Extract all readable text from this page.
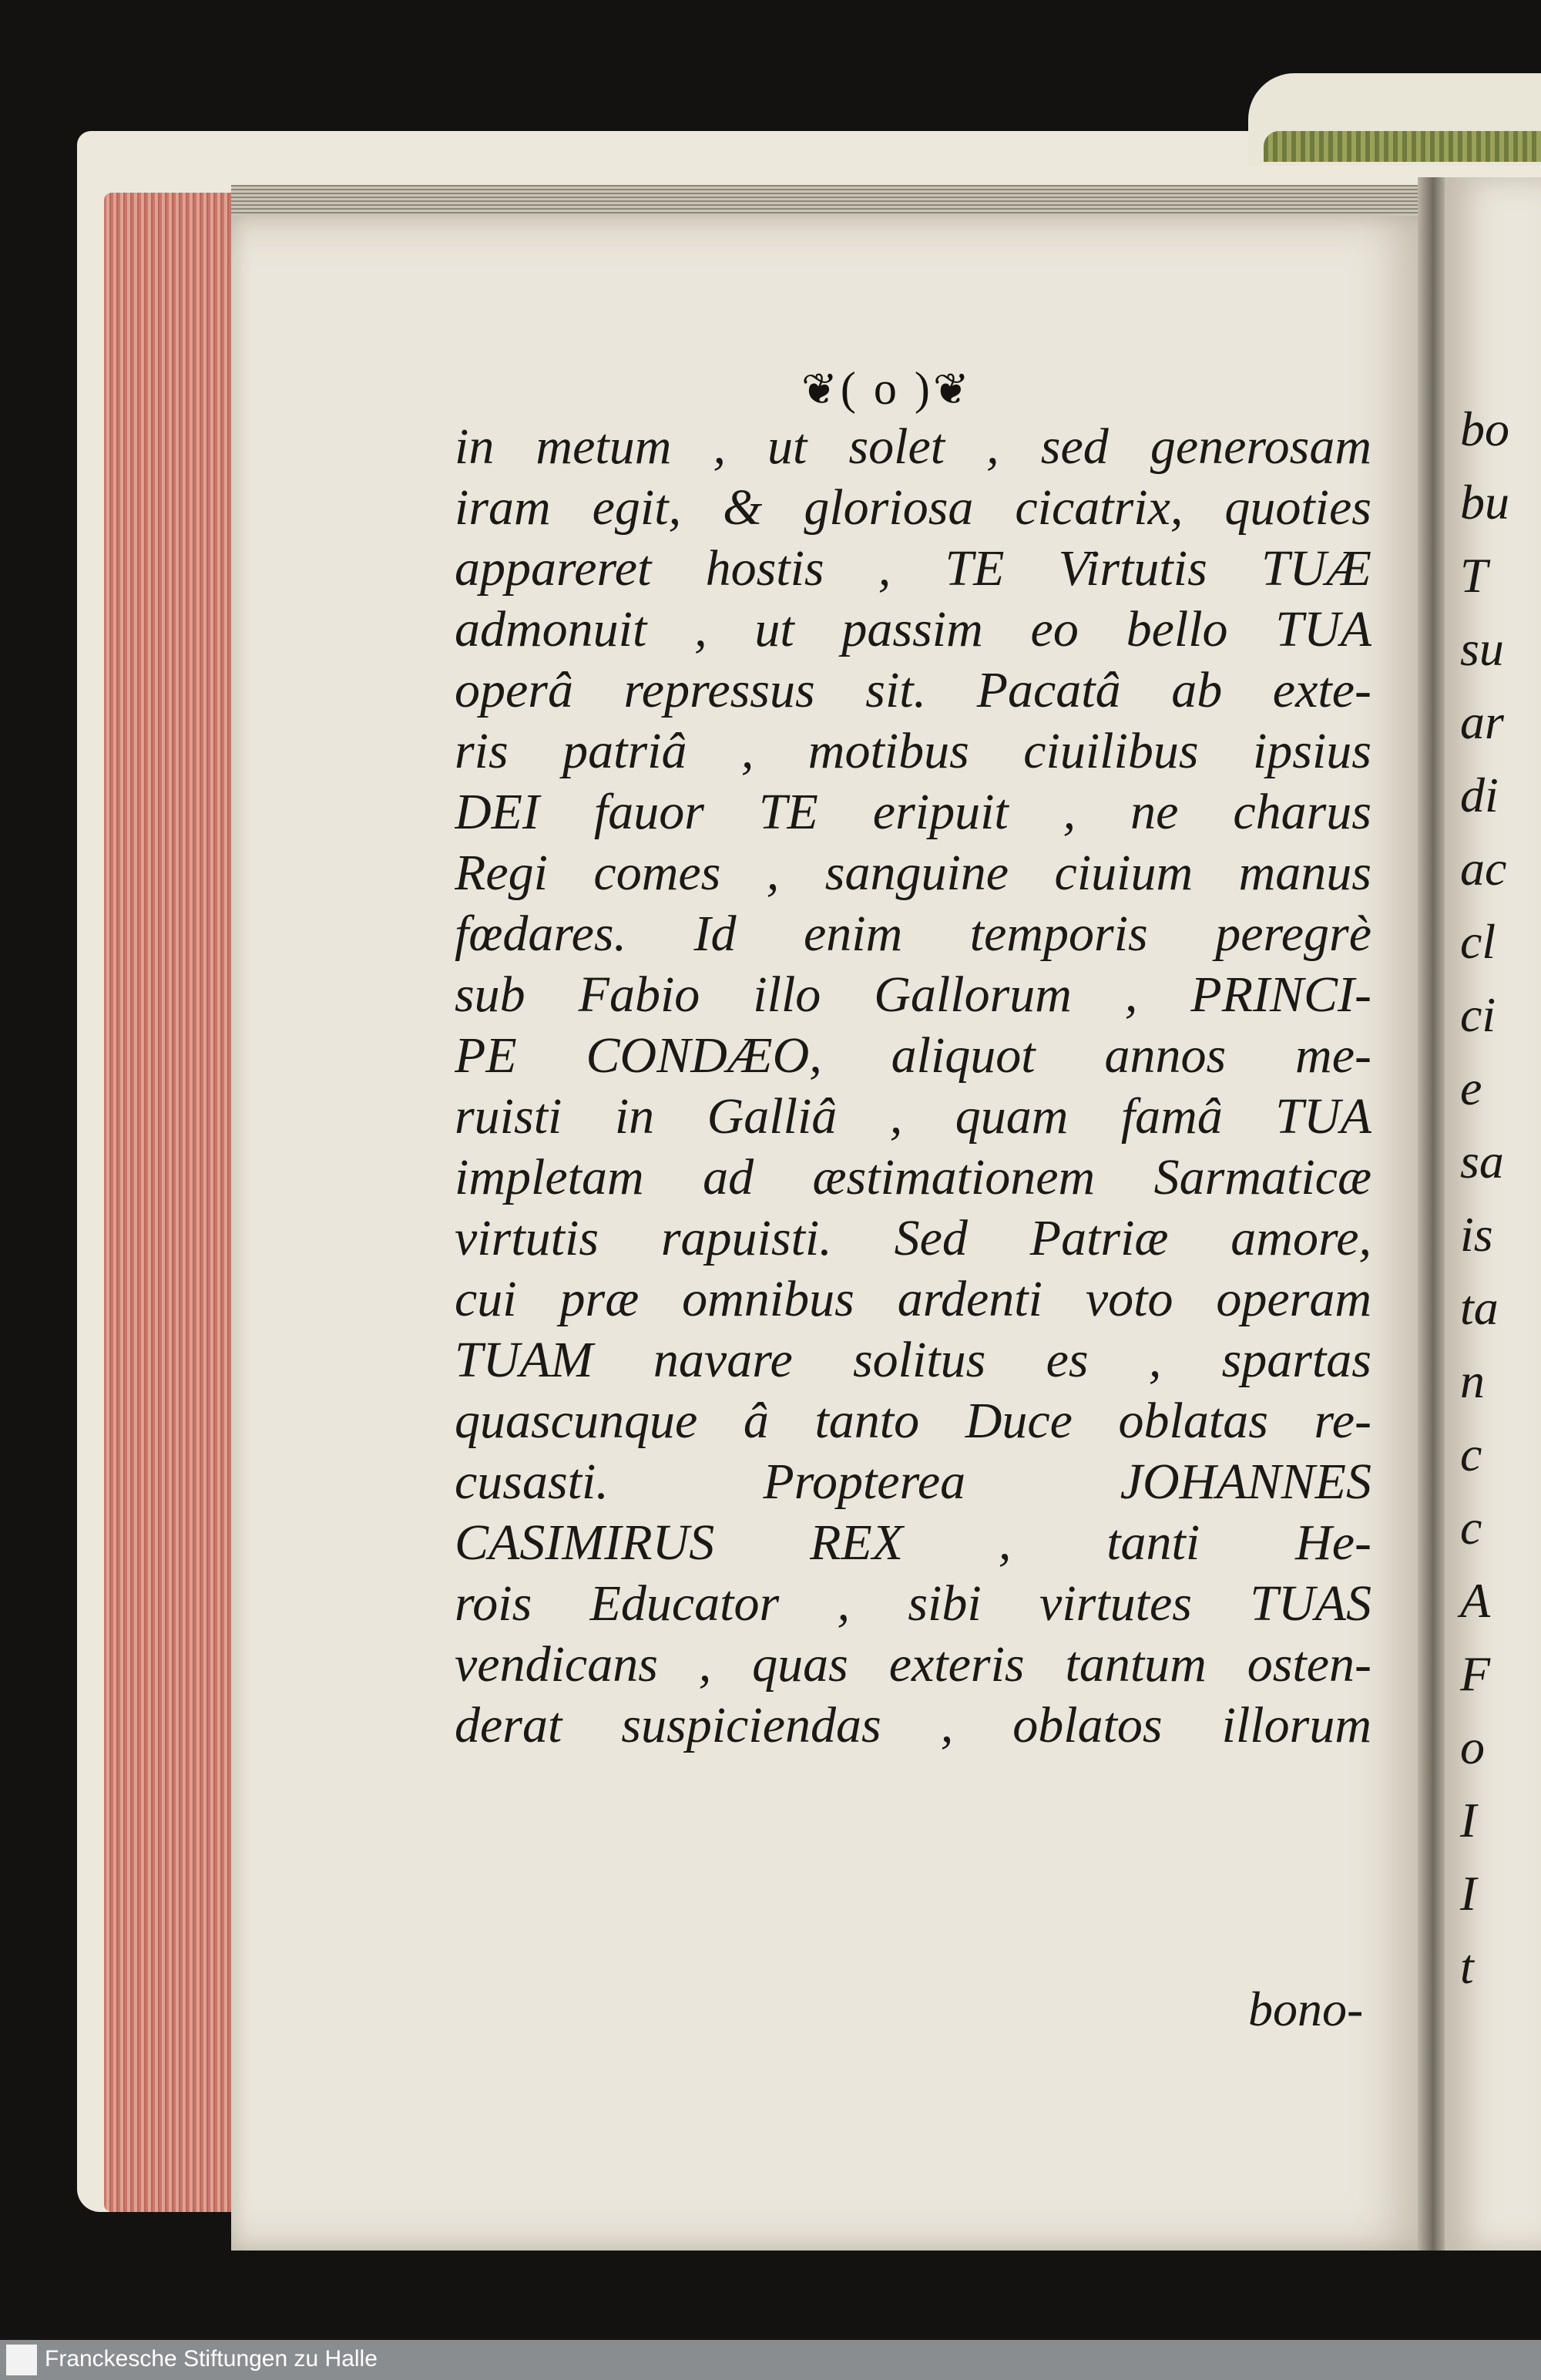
bo
bu
T
su
ar
di
ac
cl
ci
e
sa
is
ta
n
c
c
A
F
o
I
I
t
❦( o )❦
in metum , ut solet , sed generosam
iram egit, & gloriosa cicatrix, quoties
appareret hostis , TE Virtutis TUÆ
admonuit , ut passim eo bello TUA
operâ repressus sit. Pacatâ ab exte-
ris patriâ , motibus ciuilibus ipsius
DEI fauor TE eripuit , ne charus
Regi comes , sanguine ciuium manus
fœdares. Id enim temporis peregrè
sub Fabio illo Gallorum , PRINCI-
PE CONDÆO, aliquot annos me-
ruisti in Galliâ , quam famâ TUA
impletam ad æstimationem Sarmaticæ
virtutis rapuisti. Sed Patriæ amore,
cui præ omnibus ardenti voto operam
TUAM navare solitus es , spartas
quascunque â tanto Duce oblatas re-
cusasti. Propterea JOHANNES
CASIMIRUS REX , tanti He-
rois Educator , sibi virtutes TUAS
vendicans , quas exteris tantum osten-
derat suspiciendas , oblatos illorum
bono-
Franckesche Stiftungen zu Halle
